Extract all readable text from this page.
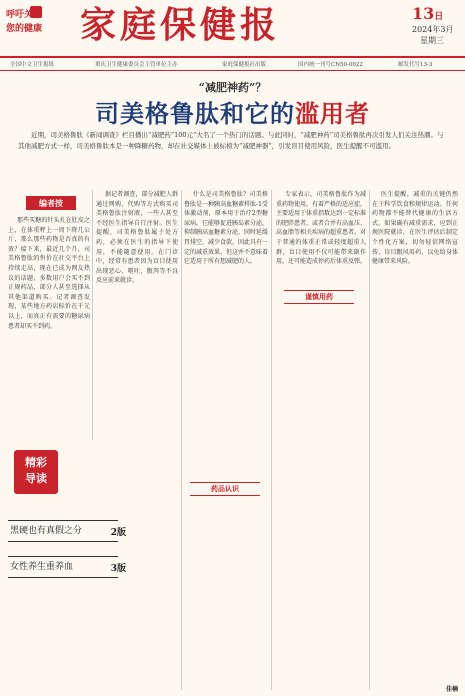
呼吁关注
您的健康 家庭保健报	13日
2024年3月
星期三
全国中文卫生报纸	重庆卫生健康委员会主管单位主办	家庭保健报社出版	国内统一刊号CN50-0022	邮发代号13-3
“减肥神药”？
司美格鲁肽和它的滥用者
近期，司美格鲁肽《新闻调查》栏目播出“减肥药”100元“大名了一个热门的话题。与此同时，“减肥神药”司美格鲁肽再次引发人们关注热潮。与其他减肥方式一样，司美格鲁肽本是一种降糖药物，却在社交媒体上被标榜为“减肥神器”，引发盲目使用风险，医生提醒不可滥用。
编者按

那些买糖的针头扎在肚皮之上，在体重秤上一周下降几公斤，那么那些药物是否真的有效？接下来，最近几个月，司美格鲁肽的售价在社交平台上持续走高，现在已成为网友热议的话题，多数用户会买不到正规药品，部分人甚至选择从其他渠道购买。记者调查发现，某些地方药店标价在千元以上，而真正有需要的糖尿病患者却买不到药。

据记者调查，部分减肥人群通过网购、代购等方式购买司美格鲁肽注射液，一些人甚至不经医生指导自行注射。医生提醒，司美格鲁肽属于处方药，必须在医生的指导下使用，不能随意使用。在门诊中，经常有患者因为盲目使用出现恶心、呕吐、腹泻等不良反应前来就诊。

什么是司美格鲁肽？司美格鲁肽是一种胰高血糖素样肽-1受体激动剂，原本用于治疗2型糖尿病。它能够促进胰岛素分泌，抑制胰高血糖素分泌，同时延缓胃排空，减少食欲，因此具有一定的减重效果。但这并不意味着它适用于所有想减肥的人。

专家表示，司美格鲁肽作为减重药物使用，有着严格的适应症，主要适用于体重指数达到一定标准的肥胖患者，或者合并有高血压、高血脂等相关疾病的超重患者。对于普通的体重正常或轻度超重人群，盲目使用不仅可能带来副作用，还可能造成停药后体重反弹。

医生提醒，减重的关键仍然在于科学饮食和规律运动。任何药物都不能替代健康的生活方式。如果确有减重需求，应到正规医院就诊，在医生评估后制定个性化方案，切勿轻信网络宣传、盲目跟风用药，以免给身体健康带来风险。

药品认识
谨慎用药
精彩
导读
黑硬也有真假之分	2版
女性养生重养血	3版
佳楠
